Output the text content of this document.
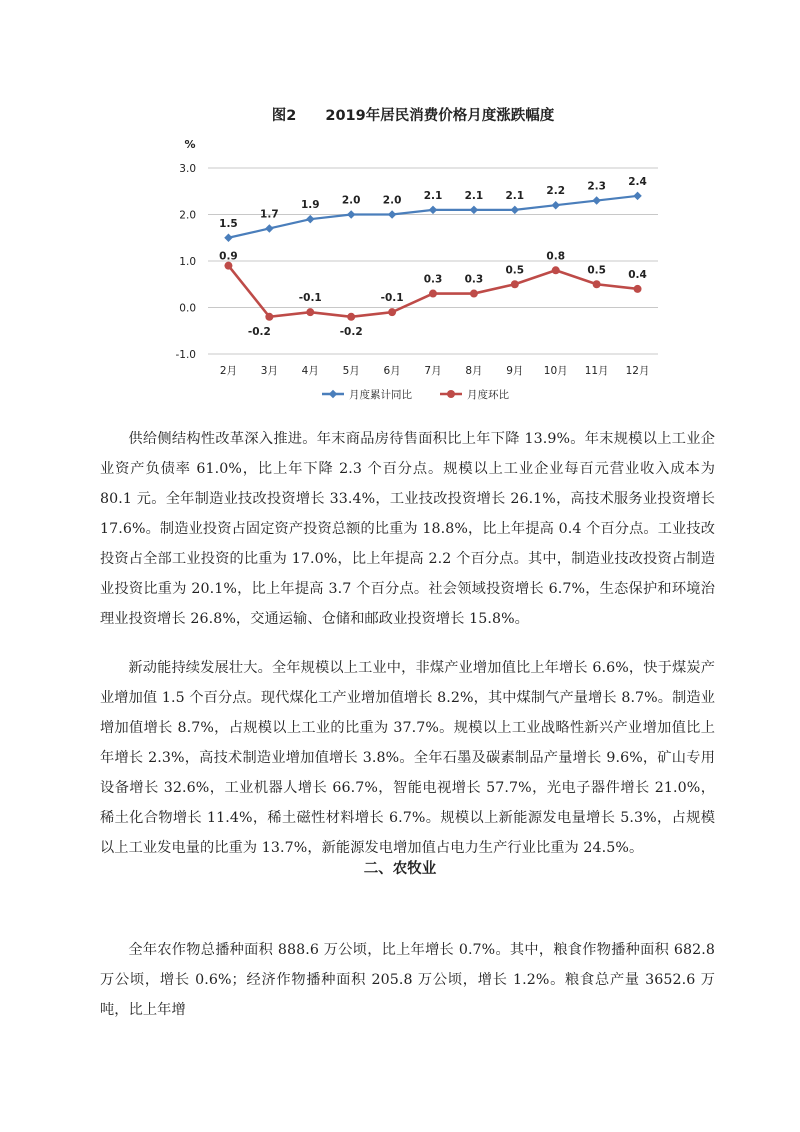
图2　　2019年居民消费价格月度涨跌幅度
%
3.0
2.0
1.0
0.0
-1.0
2月 3月 4月 5月 6月 7月 8月 9月 10月 11月 12月
1.5
1.7
1.9 2.0 2.0 2.1 2.1 2.1 2.2 2.3 2.4
0.9
-0.2
-0.1
-0.2
-0.1
0.3 0.3
0.5
0.8
0.5 0.4
月度累计同比	月度环比

供给侧结构性改革深入推进。年末商品房待售面积比上年下降 13.9%。年末规模以上工业企业资产负债率 61.0%，比上年下降 2.3 个百分点。规模以上工业企业每百元营业收入成本为 80.1 元。全年制造业技改投资增长 33.4%，工业技改投资增长 26.1%，高技术服务业投资增长 17.6%。制造业投资占固定资产投资总额的比重为 18.8%，比上年提高 0.4 个百分点。工业技改投资占全部工业投资的比重为 17.0%，比上年提高 2.2 个百分点。其中，制造业技改投资占制造业投资比重为 20.1%，比上年提高 3.7 个百分点。社会领域投资增长 6.7%，生态保护和环境治理业投资增长 26.8%，交通运输、仓储和邮政业投资增长 15.8%。

新动能持续发展壮大。全年规模以上工业中，非煤产业增加值比上年增长 6.6%，快于煤炭产业增加值 1.5 个百分点。现代煤化工产业增加值增长 8.2%，其中煤制气产量增长 8.7%。制造业增加值增长 8.7%，占规模以上工业的比重为 37.7%。规模以上工业战略性新兴产业增加值比上年增长 2.3%，高技术制造业增加值增长 3.8%。全年石墨及碳素制品产量增长 9.6%，矿山专用设备增长 32.6%，工业机器人增长 66.7%，智能电视增长 57.7%，光电子器件增长 21.0%，稀土化合物增长 11.4%，稀土磁性材料增长 6.7%。规模以上新能源发电量增长 5.3%，占规模以上工业发电量的比重为 13.7%，新能源发电增加值占电力生产行业比重为 24.5%。

二、农牧业

全年农作物总播种面积 888.6 万公顷，比上年增长 0.7%。其中，粮食作物播种面积 682.8 万公顷，增长 0.6%；经济作物播种面积 205.8 万公顷，增长 1.2%。粮食总产量 3652.6 万吨，比上年增
